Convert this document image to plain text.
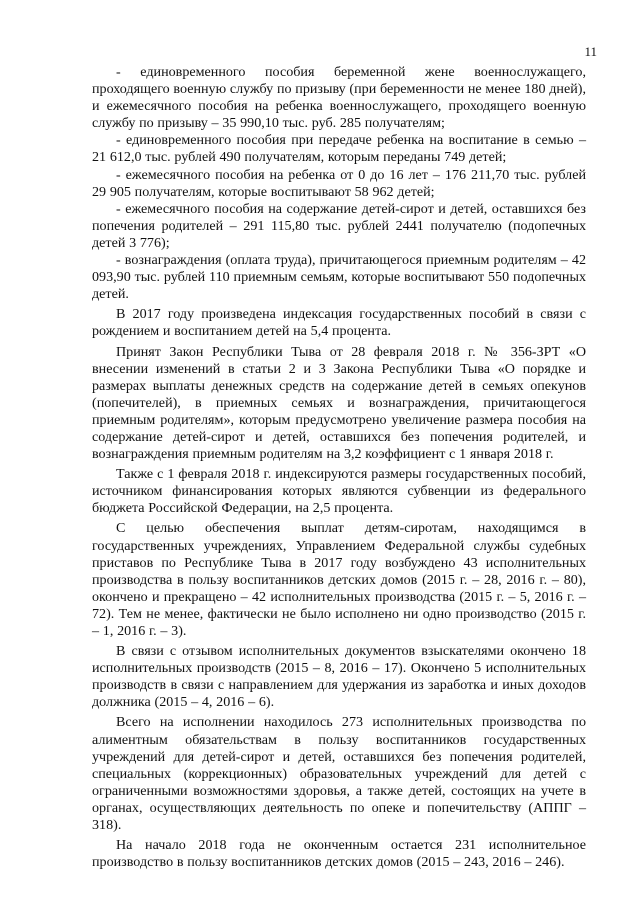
11

- единовременного пособия беременной жене военнослужащего, проходящего военную службу по призыву (при беременности не менее 180 дней), и ежемесячного пособия на ребенка военнослужащего, проходящего военную службу по призыву – 35 990,10 тыс. руб. 285 получателям;

- единовременного пособия при передаче ребенка на воспитание в семью – 21 612,0 тыс. рублей 490 получателям, которым переданы 749 детей;

- ежемесячного пособия на ребенка от 0 до 16 лет – 176 211,70 тыс. рублей 29 905 получателям, которые воспитывают 58 962 детей;

- ежемесячного пособия на содержание детей-сирот и детей, оставшихся без попечения родителей – 291 115,80 тыс. рублей 2441 получателю (подопечных детей 3 776);

- вознаграждения (оплата труда), причитающегося приемным родителям – 42 093,90 тыс. рублей 110 приемным семьям, которые воспитывают 550 подопечных детей.

В 2017 году произведена индексация государственных пособий в связи с рождением и воспитанием детей на 5,4 процента.

Принят Закон Республики Тыва от 28 февраля 2018 г. № 356-ЗРТ «О внесении изменений в статьи 2 и 3 Закона Республики Тыва «О порядке и размерах выплаты денежных средств на содержание детей в семьях опекунов (попечителей), в приемных семьях и вознаграждения, причитающегося приемным родителям», которым предусмотрено увеличение размера пособия на содержание детей-сирот и детей, оставшихся без попечения родителей, и вознаграждения приемным родителям на 3,2 коэффициент с 1 января 2018 г.

Также с 1 февраля 2018 г. индексируются размеры государственных пособий, источником финансирования которых являются субвенции из федерального бюджета Российской Федерации, на 2,5 процента.

С целью обеспечения выплат детям-сиротам, находящимся в государственных учреждениях, Управлением Федеральной службы судебных приставов по Республике Тыва в 2017 году возбуждено 43 исполнительных производства в пользу воспитанников детских домов (2015 г. – 28, 2016 г. – 80), окончено и прекращено – 42 исполнительных производства (2015 г. – 5, 2016 г. – 72). Тем не менее, фактически не было исполнено ни одно производство (2015 г. – 1, 2016 г. – 3).

В связи с отзывом исполнительных документов взыскателями окончено 18 исполнительных производств (2015 – 8, 2016 – 17). Окончено 5 исполнительных производств в связи с направлением для удержания из заработка и иных доходов должника (2015 – 4, 2016 – 6).

Всего на исполнении находилось 273 исполнительных производства по алиментным обязательствам в пользу воспитанников государственных учреждений для детей-сирот и детей, оставшихся без попечения родителей, специальных (коррекционных) образовательных учреждений для детей с ограниченными возможностями здоровья, а также детей, состоящих на учете в органах, осуществляющих деятельность по опеке и попечительству (АППГ – 318).

На начало 2018 года не оконченным остается 231 исполнительное производство в пользу воспитанников детских домов (2015 – 243, 2016 – 246).
